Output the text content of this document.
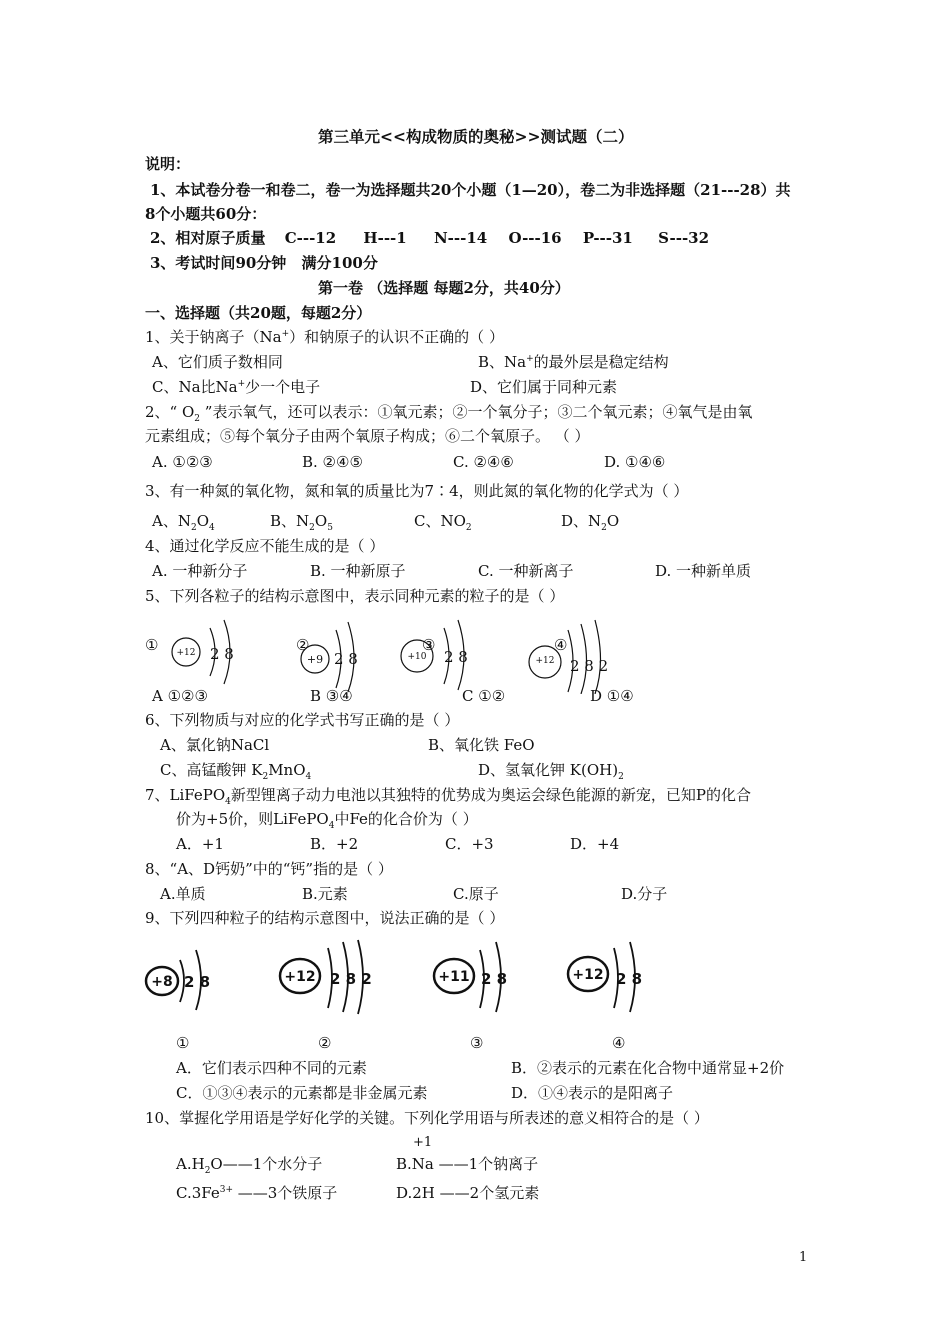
第三单元<<构成物质的奥秘>>测试题（二）
说明：
1、本试卷分卷一和卷二，卷一为选择题共20个小题（1—20），卷二为非选择题（21---28）共
8个小题共60分：
2、相对原子质量 C---12 H---1 N---14 O---16 P---31 S---32
3、考试时间90分钟 满分100分
第一卷 （选择题 每题2分，共40分）
一、选择题（共20题，每题2分）
1、关于钠离子（Na+）和钠原子的认识不正确的（ ）
A、它们质子数相同	B、Na+的最外层是稳定结构
C、Na比Na+少一个电子	D、它们属于同种元素
2、“ $O_2$ ”表示氧气，还可以表示：①氧元素；②一个氧分子；③二个氧元素；④氧气是由氧
元素组成；⑤每个氧分子由两个氧原子构成；⑥二个氧原子。 （ ）
A. ①②③	B. ②④⑤	C. ②④⑥	D. ①④⑥
3、有一种氮的氧化物，氮和氧的质量比为7∶4，则此氮的氧化物的化学式为（ ）
A、$N_2O_4$	B、$N_2O_5$	C、$NO_2$	D、$N_2O$
4、通过化学反应不能生成的是（ ）
A. 一种新分子	B. 一种新原子	C. 一种新离子	D. 一种新单质
5、下列各粒子的结构示意图中，表示同种元素的粒子的是（ ）
① +12 2 8	②
+9 2 8
③
+10 2 8
④
+12 2 8 2
A ①②③	B ③④	C ①②	D ①④
6、下列物质与对应的化学式书写正确的是（ ）
A、氯化钠NaCl	B、氧化铁 FeO
C、高锰酸钾 $K_2MnO_4$	D、氢氧化钾 $K(OH)_2$
7、LiFePO$_4$新型锂离子动力电池以其独特的优势成为奥运会绿色能源的新宠，已知P的化合
价为+5价，则LiFePO$_4$中Fe的化合价为（ ）
A．+1	B．+2	C．+3	D．+4
8、“A、D钙奶”中的“钙”指的是（ ）
A.单质	B.元素	C.原子	D.分子
9、下列四种粒子的结构示意图中，说法正确的是（ ）
+8 2 8	+12 2 8 2	+11 2 8	+12 2 8
①	②	③	④
A．它们表示四种不同的元素	B．②表示的元素在化合物中通常显+2价
C．①③④表示的元素都是非金属元素	D．①④表示的是阳离子
10、掌握化学用语是学好化学的关键。下列化学用语与所表述的意义相符合的是（ ）
+1
$A.H_2O——1$个水分子	B.Na ——1个钠离子
$C.3Fe^{3+}$ ——3个铁原子	D.2H ——2个氢元素
1
